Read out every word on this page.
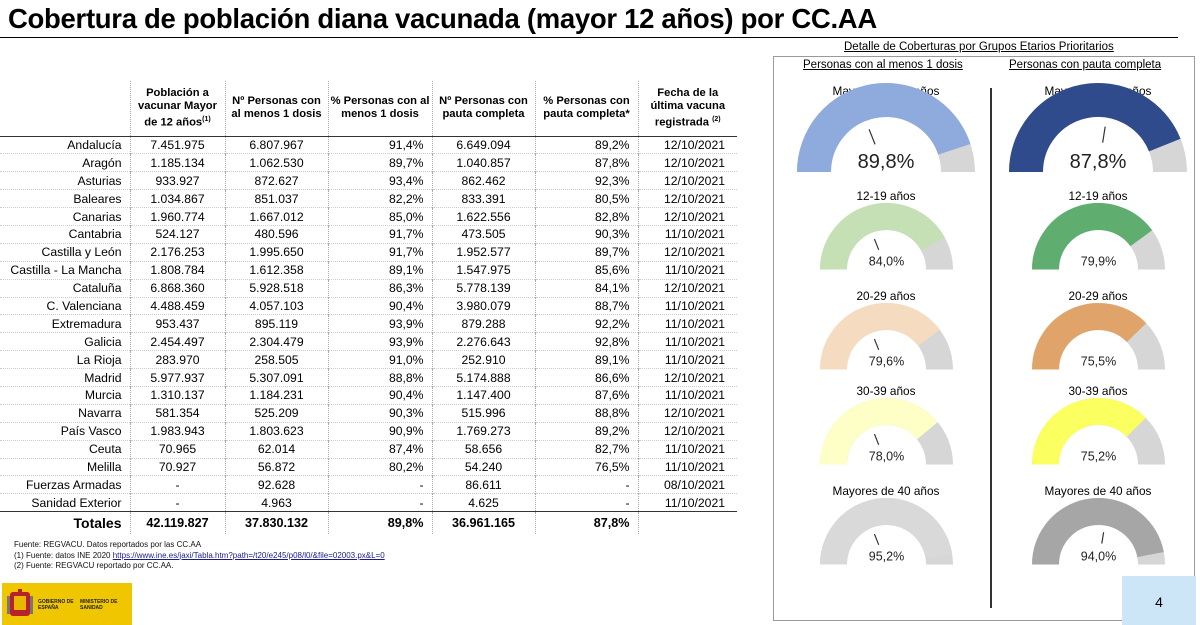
Cobertura de población diana vacunada (mayor 12 años) por CC.AA
	Población a vacunar Mayor de 12 años$^{(1)}$	Nº Personas con al menos 1 dosis	% Personas con al menos 1 dosis	Nº Personas con pauta completa	% Personas con pauta completa*	Fecha de la última vacuna registrada $^{(2)}$
Andalucía	7.451.975	6.807.967	91,4%	6.649.094	89,2%	12/10/2021
Aragón	1.185.134	1.062.530	89,7%	1.040.857	87,8%	12/10/2021
Asturias	933.927	872.627	93,4%	862.462	92,3%	12/10/2021
Baleares	1.034.867	851.037	82,2%	833.391	80,5%	12/10/2021
Canarias	1.960.774	1.667.012	85,0%	1.622.556	82,8%	12/10/2021
Cantabria	524.127	480.596	91,7%	473.505	90,3%	11/10/2021
Castilla y León	2.176.253	1.995.650	91,7%	1.952.577	89,7%	12/10/2021
Castilla - La Mancha	1.808.784	1.612.358	89,1%	1.547.975	85,6%	11/10/2021
Cataluña	6.868.360	5.928.518	86,3%	5.778.139	84,1%	12/10/2021
C. Valenciana	4.488.459	4.057.103	90,4%	3.980.079	88,7%	11/10/2021
Extremadura	953.437	895.119	93,9%	879.288	92,2%	11/10/2021
Galicia	2.454.497	2.304.479	93,9%	2.276.643	92,8%	11/10/2021
La Rioja	283.970	258.505	91,0%	252.910	89,1%	11/10/2021
Madrid	5.977.937	5.307.091	88,8%	5.174.888	86,6%	12/10/2021
Murcia	1.310.137	1.184.231	90,4%	1.147.400	87,6%	11/10/2021
Navarra	581.354	525.209	90,3%	515.996	88,8%	12/10/2021
País Vasco	1.983.943	1.803.623	90,9%	1.769.273	89,2%	12/10/2021
Ceuta	70.965	62.014	87,4%	58.656	82,7%	11/10/2021
Melilla	70.927	56.872	80,2%	54.240	76,5%	11/10/2021
Fuerzas Armadas	-	92.628	-	86.611	-	08/10/2021
Sanidad Exterior	-	4.963	-	4.625	-	11/10/2021
Totales	42.119.827	37.830.132	89,8%	36.961.165	87,8%	
Fuente: REGVACU. Datos reportados por las CC.AA
(1) Fuente: datos INE 2020 https://www.ine.es/jaxi/Tabla.htm?path=/t20/e245/p08/l0/&file=02003.px&L=0
(2) Fuente: REGVACU reportado por CC.AA.
GOBIERNO DE ESPAÑA
MINISTERIO DE SANIDAD
Detalle de Coberturas por Grupos Etarios Prioritarios
Personas con al menos 1 dosis	Personas con pauta completa
Mayores de 12 años
89,8%
Mayores de 12 años
87,8%
12-19 años
84,0%
12-19 años
79,9%
20-29 años
79,6%
20-29 años
75,5%
30-39 años
78,0%
30-39 años
75,2%
Mayores de 40 años
95,2%
Mayores de 40 años
94,0%
4
